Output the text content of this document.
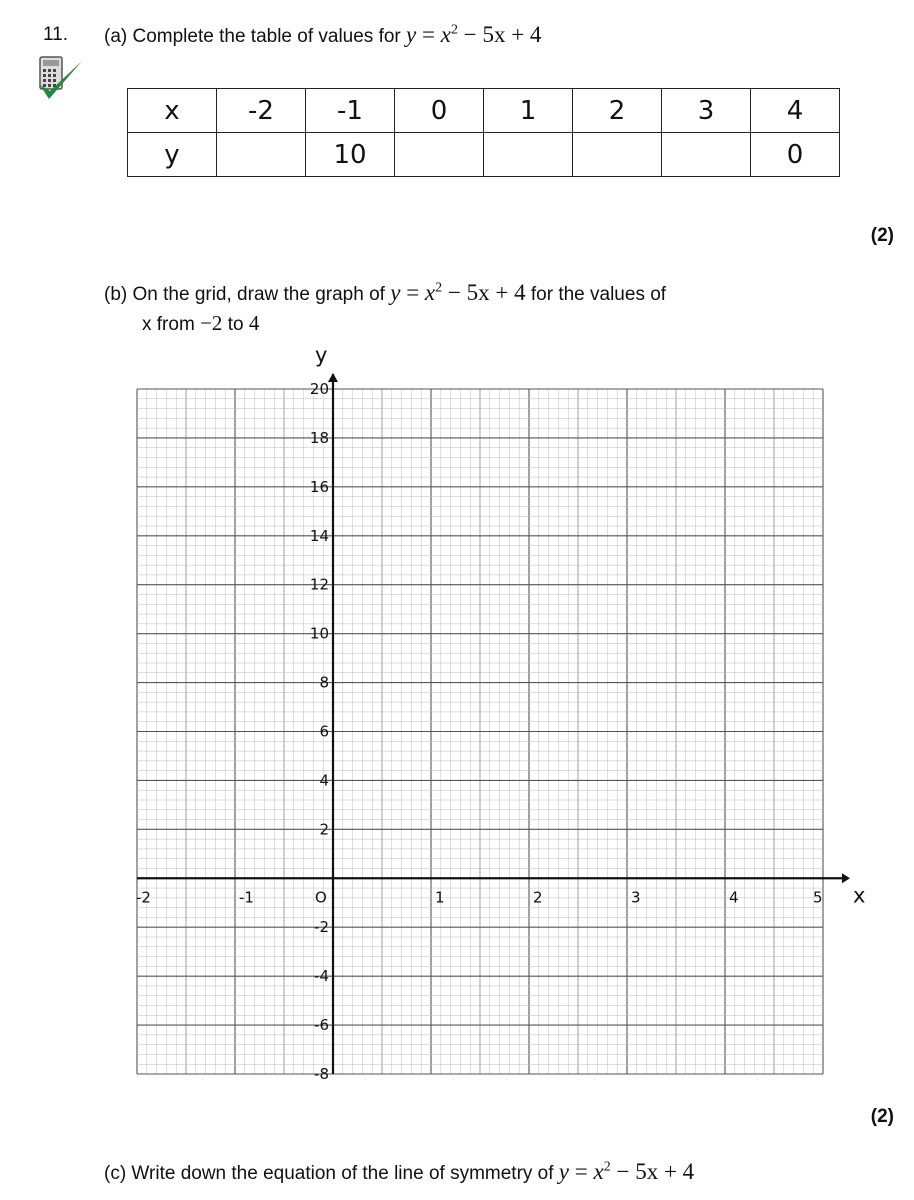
11. (a) Complete the table of values for $y = x^2 - 5x + 4$
x	-2	-1	0	1	2	3	4
y		10					0
(2)
(b) On the grid, draw the graph of $y = x^2 - 5x + 4$ for the values of
x from −2 to 4
-2	-1	O	1	2	3	4	5
20
18
16
14
12
10
8
6
4
2
-2
-4
-6
-8
x
y
(2)
(c) Write down the equation of the line of symmetry of $y = x^2 - 5x + 4$
